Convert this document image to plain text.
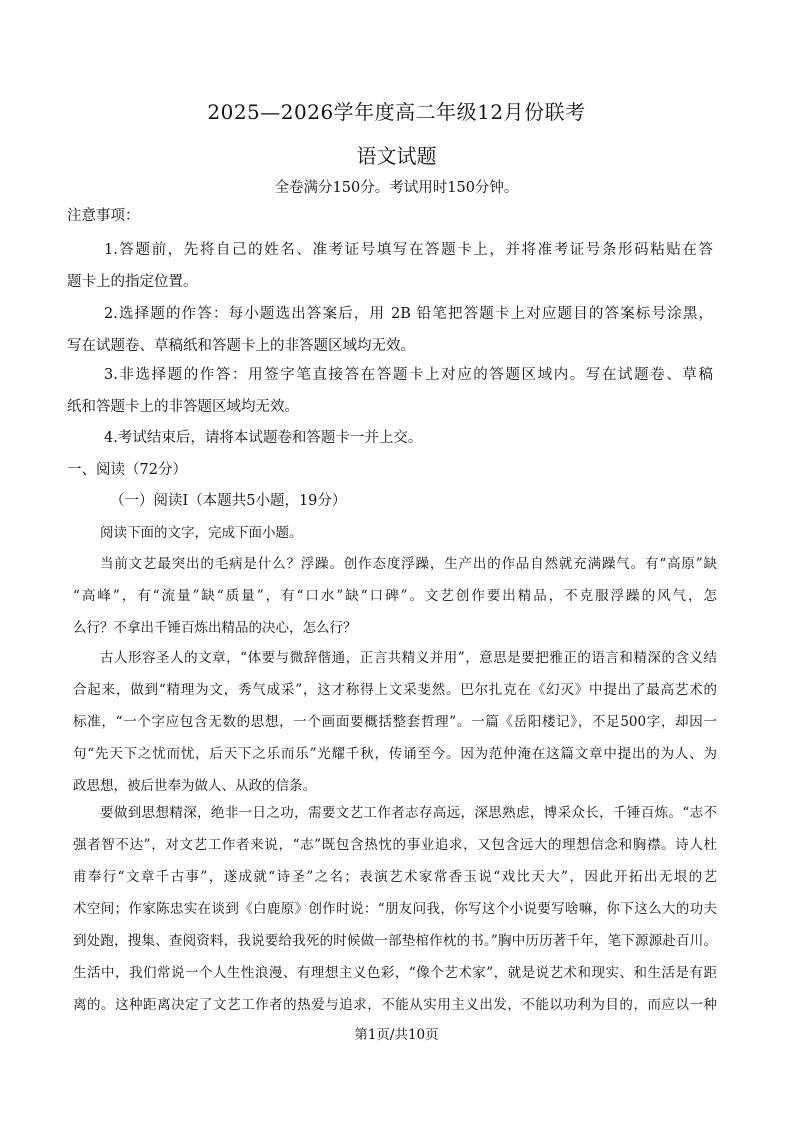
2025—2026学年度高二年级12月份联考
语文试题
全卷满分150分。考试用时150分钟。
注意事项：
1.答题前，先将自己的姓名、准考证号填写在答题卡上，并将准考证号条形码粘贴在答
题卡上的指定位置。
2.选择题的作答：每小题选出答案后，用 2B 铅笔把答题卡上对应题目的答案标号涂黑，
写在试题卷、草稿纸和答题卡上的非答题区域均无效。
3.非选择题的作答：用签字笔直接答在答题卡上对应的答题区域内。写在试题卷、草稿
纸和答题卡上的非答题区域均无效。
4.考试结束后，请将本试题卷和答题卡一并上交。
一、阅读（72分）
（一）阅读Ⅰ（本题共5小题，19分）
阅读下面的文字，完成下面小题。
当前文艺最突出的毛病是什么？浮躁。创作态度浮躁，生产出的作品自然就充满躁气。有“高原”缺
“高峰”，有“流量”缺“质量”，有“口水”缺“口碑”。文艺创作要出精品，不克服浮躁的风气，怎
么行？不拿出千锤百炼出精品的决心，怎么行？
古人形容圣人的文章，“体要与微辞偕通，正言共精义并用”，意思是要把雅正的语言和精深的含义结
合起来，做到“精理为文，秀气成采”，这才称得上文采斐然。巴尔扎克在《幻灭》中提出了最高艺术的
标准，“一个字应包含无数的思想，一个画面要概括整套哲理”。一篇《岳阳楼记》，不足500字，却因一
句“先天下之忧而忧，后天下之乐而乐”光耀千秋，传诵至今。因为范仲淹在这篇文章中提出的为人、为
政思想，被后世奉为做人、从政的信条。
要做到思想精深，绝非一日之功，需要文艺工作者志存高远，深思熟虑，博采众长，千锤百炼。“志不
强者智不达”，对文艺工作者来说，“志”既包含热忱的事业追求，又包含远大的理想信念和胸襟。诗人杜
甫奉行“文章千古事”，遂成就“诗圣”之名；表演艺术家常香玉说“戏比天大”，因此开拓出无垠的艺
术空间；作家陈忠实在谈到《白鹿原》创作时说：“朋友问我，你写这个小说要写啥嘛，你下这么大的功夫
到处跑，搜集、查阅资料，我说要给我死的时候做一部垫棺作枕的书。”胸中历历著千年，笔下源源赴百川。
生活中，我们常说一个人生性浪漫、有理想主义色彩，“像个艺术家”，就是说艺术和现实、和生活是有距
离的。这种距离决定了文艺工作者的热爱与追求，不能从实用主义出发，不能以功利为目的，而应以一种
第1页/共10页
